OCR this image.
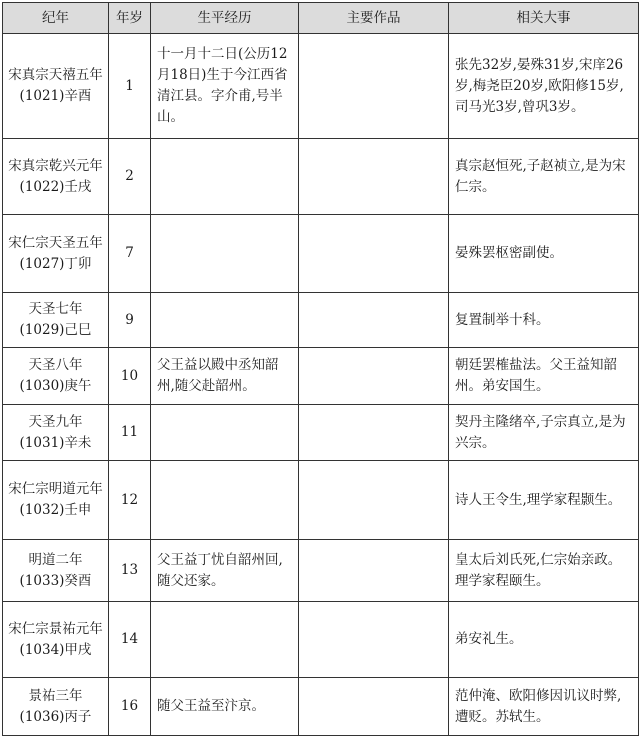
纪年	年岁	生平经历	主要作品	相关大事
宋真宗天禧五年(1021)辛酉	1	十一月十二日(公历12月18日)生于今江西省清江县。字介甫,号半山。		张先32岁,晏殊31岁,宋庠26岁,梅尧臣20岁,欧阳修15岁,司马光3岁,曾巩3岁。
宋真宗乾兴元年(1022)壬戌	2			真宗赵恒死,子赵祯立,是为宋仁宗。
宋仁宗天圣五年(1027)丁卯	7			晏殊罢枢密副使。
天圣七年(1029)己巳	9			复置制举十科。
天圣八年(1030)庚午	10	父王益以殿中丞知韶州,随父赴韶州。		朝廷罢榷盐法。父王益知韶州。弟安国生。
天圣九年(1031)辛未	11			契丹主隆绪卒,子宗真立,是为兴宗。
宋仁宗明道元年(1032)壬申	12			诗人王令生,理学家程颢生。
明道二年(1033)癸酉	13	父王益丁忧自韶州回,随父还家。		皇太后刘氏死,仁宗始亲政。理学家程颐生。
宋仁宗景祐元年(1034)甲戌	14			弟安礼生。
景祐三年(1036)丙子	16	随父王益至汴京。		范仲淹、欧阳修因讥议时弊,遭贬。苏轼生。
